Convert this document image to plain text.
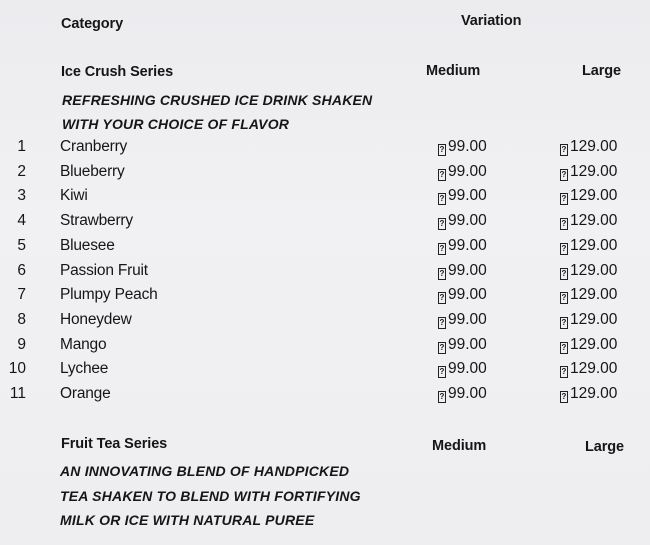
Category	Variation
Ice Crush Series	Medium	Large
REFRESHING CRUSHED ICE DRINK SHAKEN
WITH YOUR CHOICE OF FLAVOR
1 Cranberry	? 99.00	? 129.00
2 Blueberry	? 99.00	? 129.00
3 Kiwi	? 99.00	? 129.00
4 Strawberry	? 99.00	? 129.00
5 Bluesee	? 99.00	? 129.00
6 Passion Fruit	? 99.00	? 129.00
7 Plumpy Peach	? 99.00	? 129.00
8 Honeydew	? 99.00	? 129.00
9 Mango	? 99.00	? 129.00
10 Lychee	? 99.00	? 129.00
11 Orange	? 99.00	? 129.00
Fruit Tea Series	Medium	Large
AN INNOVATING BLEND OF HANDPICKED
TEA SHAKEN TO BLEND WITH FORTIFYING
MILK OR ICE WITH NATURAL PUREE
